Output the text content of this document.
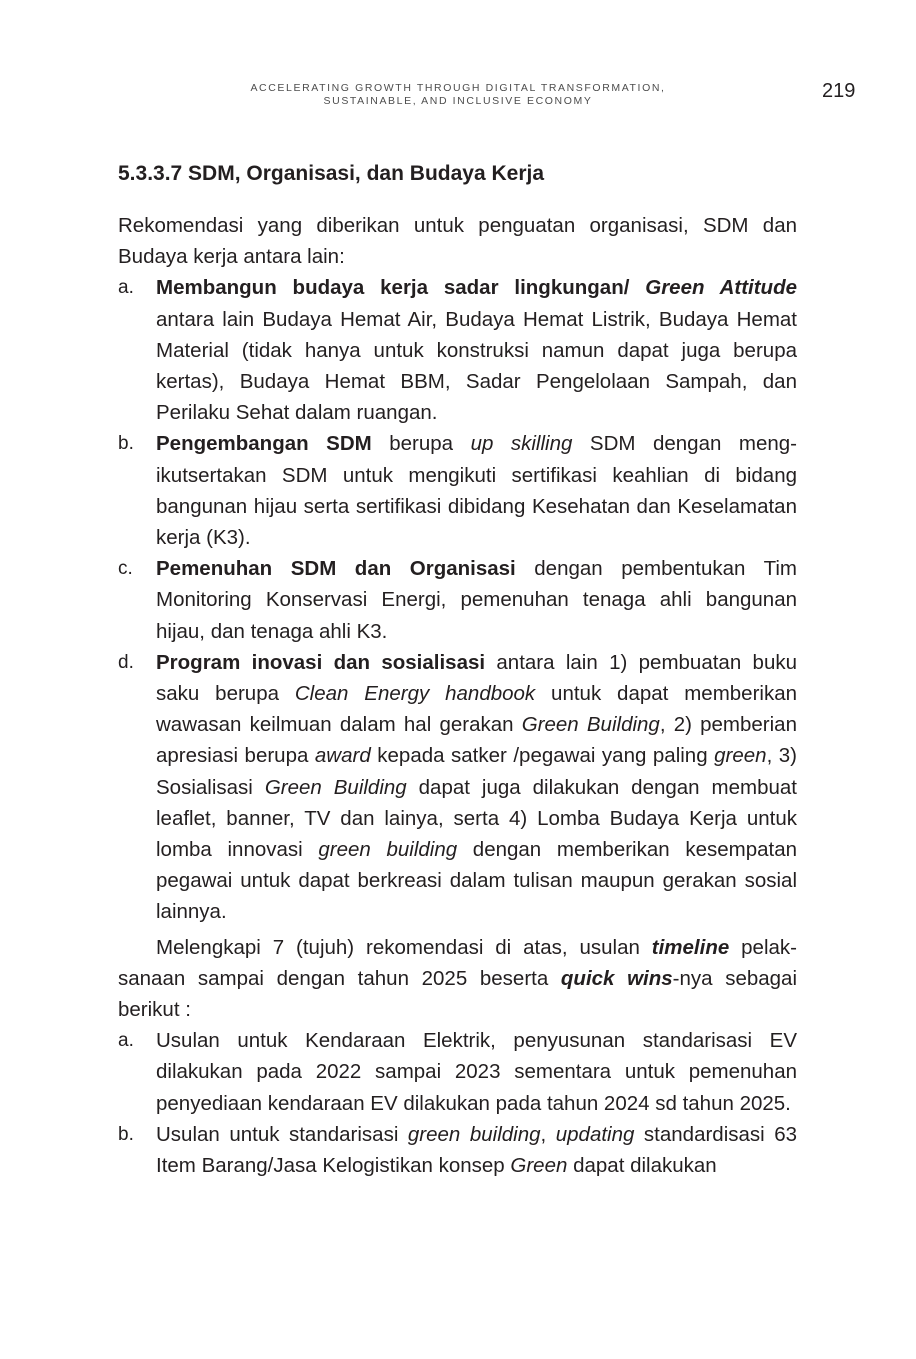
ACCELERATING GROWTH THROUGH DIGITAL TRANSFORMATION,
SUSTAINABLE, AND INCLUSIVE ECONOMY	219
5.3.3.7 SDM, Organisasi, dan Budaya Kerja

Rekomendasi yang diberikan untuk penguatan organisasi, SDM dan Budaya kerja antara lain:

a. Membangun budaya kerja sadar lingkungan/ Green Attitude antara lain Budaya Hemat Air, Budaya Hemat Listrik, Budaya Hemat Material (tidak hanya untuk konstruksi namun dapat juga berupa kertas), Budaya Hemat BBM, Sadar Pengelolaan Sampah, dan Perilaku Sehat dalam ruangan.
b. Pengembangan SDM berupa up skilling SDM dengan mengikutsertakan SDM untuk mengikuti sertifikasi keahlian di bidang bangunan hijau serta sertifikasi dibidang Kesehatan dan Keselamatan kerja (K3).
c. Pemenuhan SDM dan Organisasi dengan pembentukan Tim Monitoring Konservasi Energi, pemenuhan tenaga ahli bangunan hijau, dan tenaga ahli K3.
d. Program inovasi dan sosialisasi antara lain 1) pembuatan buku saku berupa Clean Energy handbook untuk dapat memberikan wawasan keilmuan dalam hal gerakan Green Building, 2) pemberian apresiasi berupa award kepada satker /pegawai yang paling green, 3) Sosialisasi Green Building dapat juga dilakukan dengan membuat leaflet, banner, TV dan lainya, serta 4) Lomba Budaya Kerja untuk lomba innovasi green building dengan memberikan kesempatan pegawai untuk dapat berkreasi dalam tulisan maupun gerakan sosial lainnya.

Melengkapi 7 (tujuh) rekomendasi di atas, usulan timeline pelaksanaan sampai dengan tahun 2025 beserta quick wins-nya sebagai berikut :

a. Usulan untuk Kendaraan Elektrik, penyusunan standarisasi EV dilakukan pada 2022 sampai 2023 sementara untuk pemenuhan penyediaan kendaraan EV dilakukan pada tahun 2024 sd tahun 2025.
b. Usulan untuk standarisasi green building, updating standardisasi 63 Item Barang/Jasa Kelogistikan konsep Green dapat dilakukan
